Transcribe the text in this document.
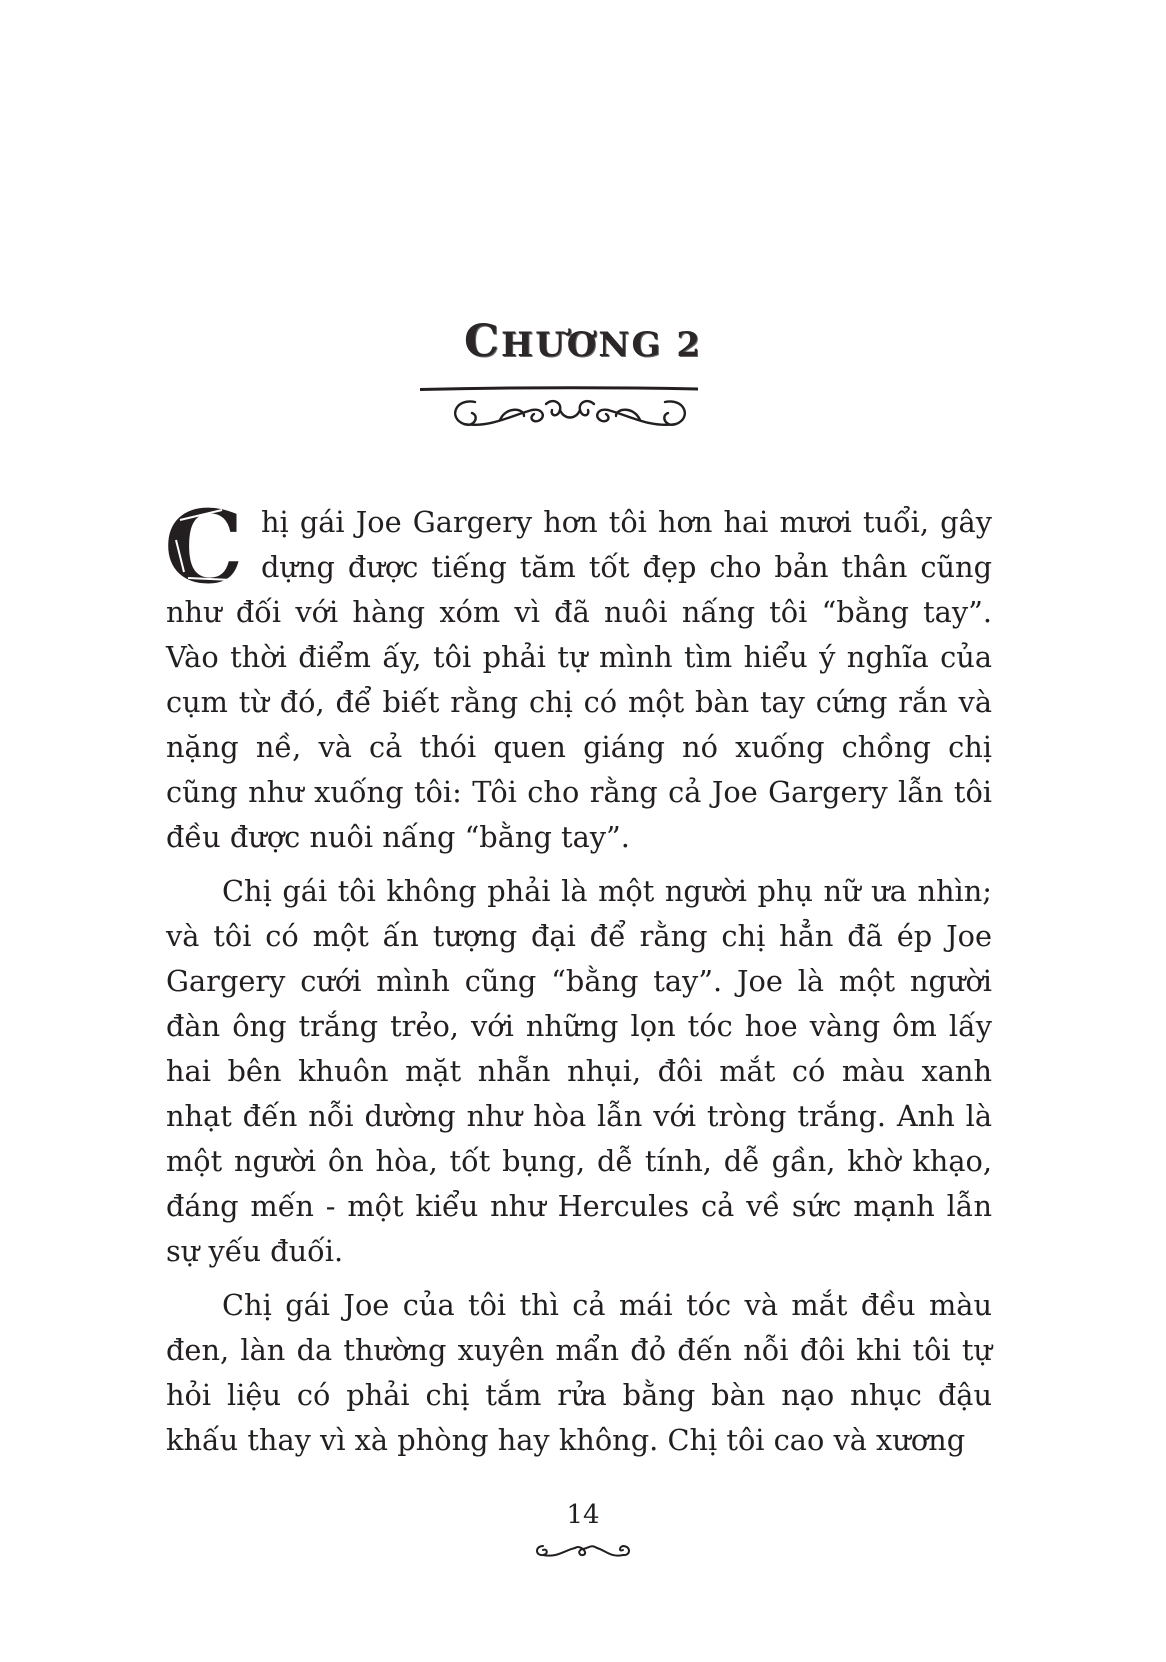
CHƯƠNG 2

C hị gái Joe Gargery hơn tôi hơn hai mươi tuổi, gây dựng được tiếng tăm tốt đẹp cho bản thân cũng như đối với hàng xóm vì đã nuôi nấng tôi “bằng tay”. Vào thời điểm ấy, tôi phải tự mình tìm hiểu ý nghĩa của cụm từ đó, để biết rằng chị có một bàn tay cứng rắn và nặng nề, và cả thói quen giáng nó xuống chồng chị cũng như xuống tôi: Tôi cho rằng cả Joe Gargery lẫn tôi đều được nuôi nấng “bằng tay”.

Chị gái tôi không phải là một người phụ nữ ưa nhìn; và tôi có một ấn tượng đại để rằng chị hẳn đã ép Joe Gargery cưới mình cũng “bằng tay”. Joe là một người đàn ông trắng trẻo, với những lọn tóc hoe vàng ôm lấy hai bên khuôn mặt nhẵn nhụi, đôi mắt có màu xanh nhạt đến nỗi dường như hòa lẫn với tròng trắng. Anh là một người ôn hòa, tốt bụng, dễ tính, dễ gần, khờ khạo, đáng mến - một kiểu như Hercules cả về sức mạnh lẫn sự yếu đuối.

Chị gái Joe của tôi thì cả mái tóc và mắt đều màu đen, làn da thường xuyên mẩn đỏ đến nỗi đôi khi tôi tự hỏi liệu có phải chị tắm rửa bằng bàn nạo nhục đậu khấu thay vì xà phòng hay không. Chị tôi cao và xương

14
